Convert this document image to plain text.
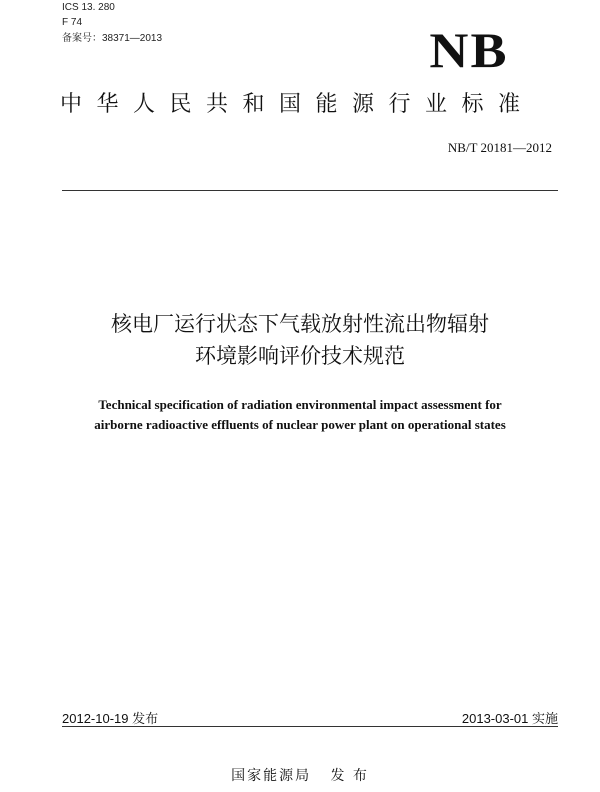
ICS 13. 280
F 74
备案号：38371—2013	NB
中华人民共和国能源行业标准
NB/T 20181—2012
核电厂运行状态下气载放射性流出物辐射
环境影响评价技术规范
Technical specification of radiation environmental impact assessment for
airborne radioactive effluents of nuclear power plant on operational states
2012-10-19 发布	2013-03-01 实施
国家能源局   发 布
